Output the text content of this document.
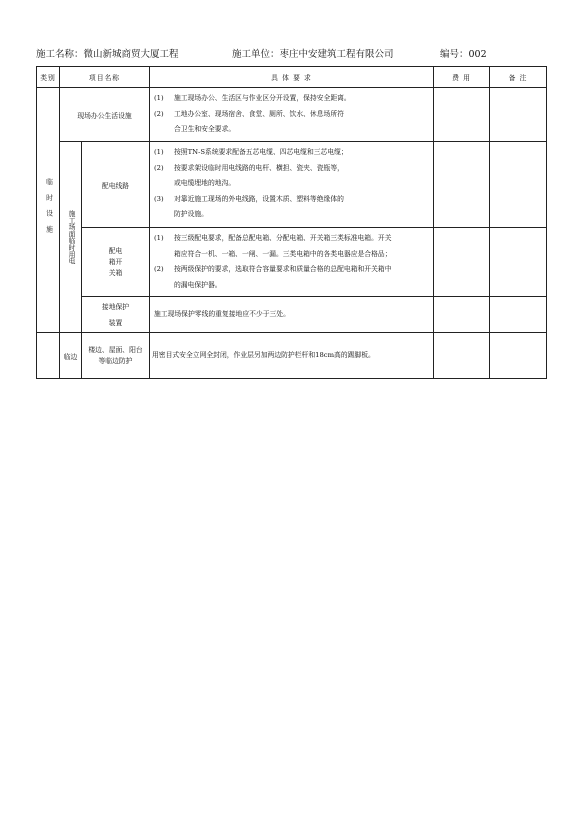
施工名称：微山新城商贸大厦工程	施工单位：枣庄中安建筑工程有限公司	编号：002
类别	项目名称		具 体 要 求	费 用	备 注

临时设施	现场办公生活设施		(1) 施工现场办公、生活区与作业区分开设置，保持安全距离。
(2) 工地办公室、现场宿舍、食堂、厕所、饮水、休息场所符
合卫生和安全要求。		

	施工场面临时用电	配电线路	(1) 按照TN-S系统要求配备五芯电缆、四芯电缆和三芯电缆；
(2) 按要求架设临时用电线路的电杆、横担、瓷夹、瓷瓶等，
或电缆埋地的地沟。
(3) 对靠近施工现场的外电线路，设置木质、塑料等绝缘体的
防护设施。		

		配电
箱开
关箱	(1) 按三级配电要求，配备总配电箱、分配电箱、开关箱三类标准电箱。开关
箱应符合一机、一箱、一闸、一漏。三类电箱中的各类电器应是合格品；
(2) 按两级保护的要求，选取符合容量要求和质量合格的总配电箱和开关箱中
的漏电保护器。		

		接地保护
装置	施工现场保护零线的重复接地应不少于三处。		

	临边	楼边、屋面、阳台
等临边防护	用密目式安全立网全封闭，作业层另加两边防护栏杆和18cm高的踢脚板。		
